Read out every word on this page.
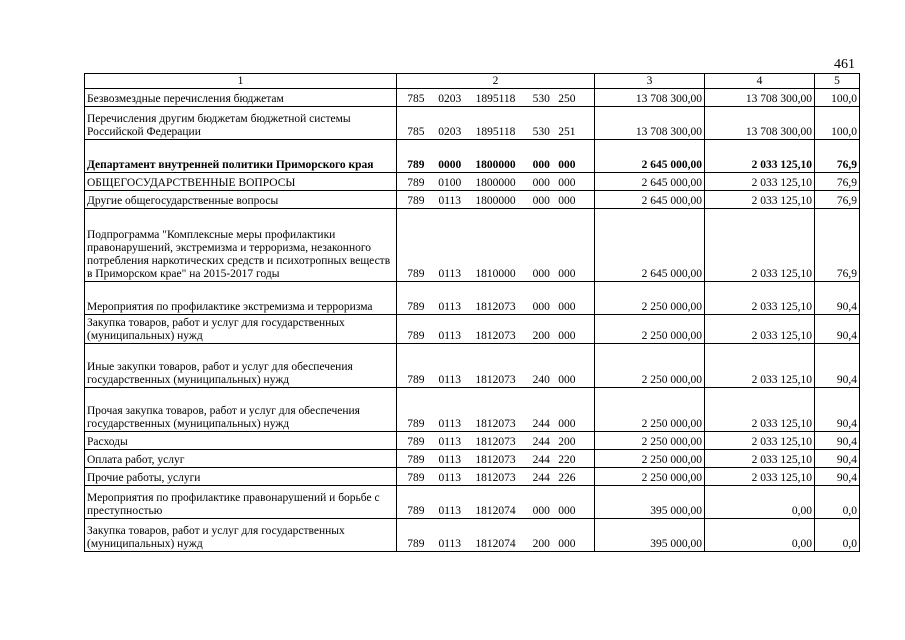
461
1	2	3	4	5
Безвозмездные перечисления бюджетам	785 0203 1895118 530 250	13 708 300,00	13 708 300,00	100,0
Перечисления другим бюджетам бюджетной системы Российской Федерации	785 0203 1895118 530 251	13 708 300,00	13 708 300,00	100,0
Департамент внутренней политики Приморского края	789 0000 1800000 000 000	2 645 000,00	2 033 125,10	76,9
ОБЩЕГОСУДАРСТВЕННЫЕ ВОПРОСЫ	789 0100 1800000 000 000	2 645 000,00	2 033 125,10	76,9
Другие общегосударственные вопросы	789 0113 1800000 000 000	2 645 000,00	2 033 125,10	76,9
Подпрограмма "Комплексные меры профилактики правонарушений, экстремизма и терроризма, незаконного потребления наркотических средств и психотропных веществ в Приморском крае" на 2015-2017 годы	789 0113 1810000 000 000	2 645 000,00	2 033 125,10	76,9
Мероприятия по профилактике экстремизма и терроризма	789 0113 1812073 000 000	2 250 000,00	2 033 125,10	90,4
Закупка товаров, работ и услуг для государственных (муниципальных) нужд	789 0113 1812073 200 000	2 250 000,00	2 033 125,10	90,4
Иные закупки товаров, работ и услуг для обеспечения государственных (муниципальных) нужд	789 0113 1812073 240 000	2 250 000,00	2 033 125,10	90,4
Прочая закупка товаров, работ и услуг для обеспечения государственных (муниципальных) нужд	789 0113 1812073 244 000	2 250 000,00	2 033 125,10	90,4
Расходы	789 0113 1812073 244 200	2 250 000,00	2 033 125,10	90,4
Оплата работ, услуг	789 0113 1812073 244 220	2 250 000,00	2 033 125,10	90,4
Прочие работы, услуги	789 0113 1812073 244 226	2 250 000,00	2 033 125,10	90,4
Мероприятия по профилактике правонарушений и борьбе с преступностью	789 0113 1812074 000 000	395 000,00	0,00	0,0
Закупка товаров, работ и услуг для государственных (муниципальных) нужд	789 0113 1812074 200 000	395 000,00	0,00	0,0
